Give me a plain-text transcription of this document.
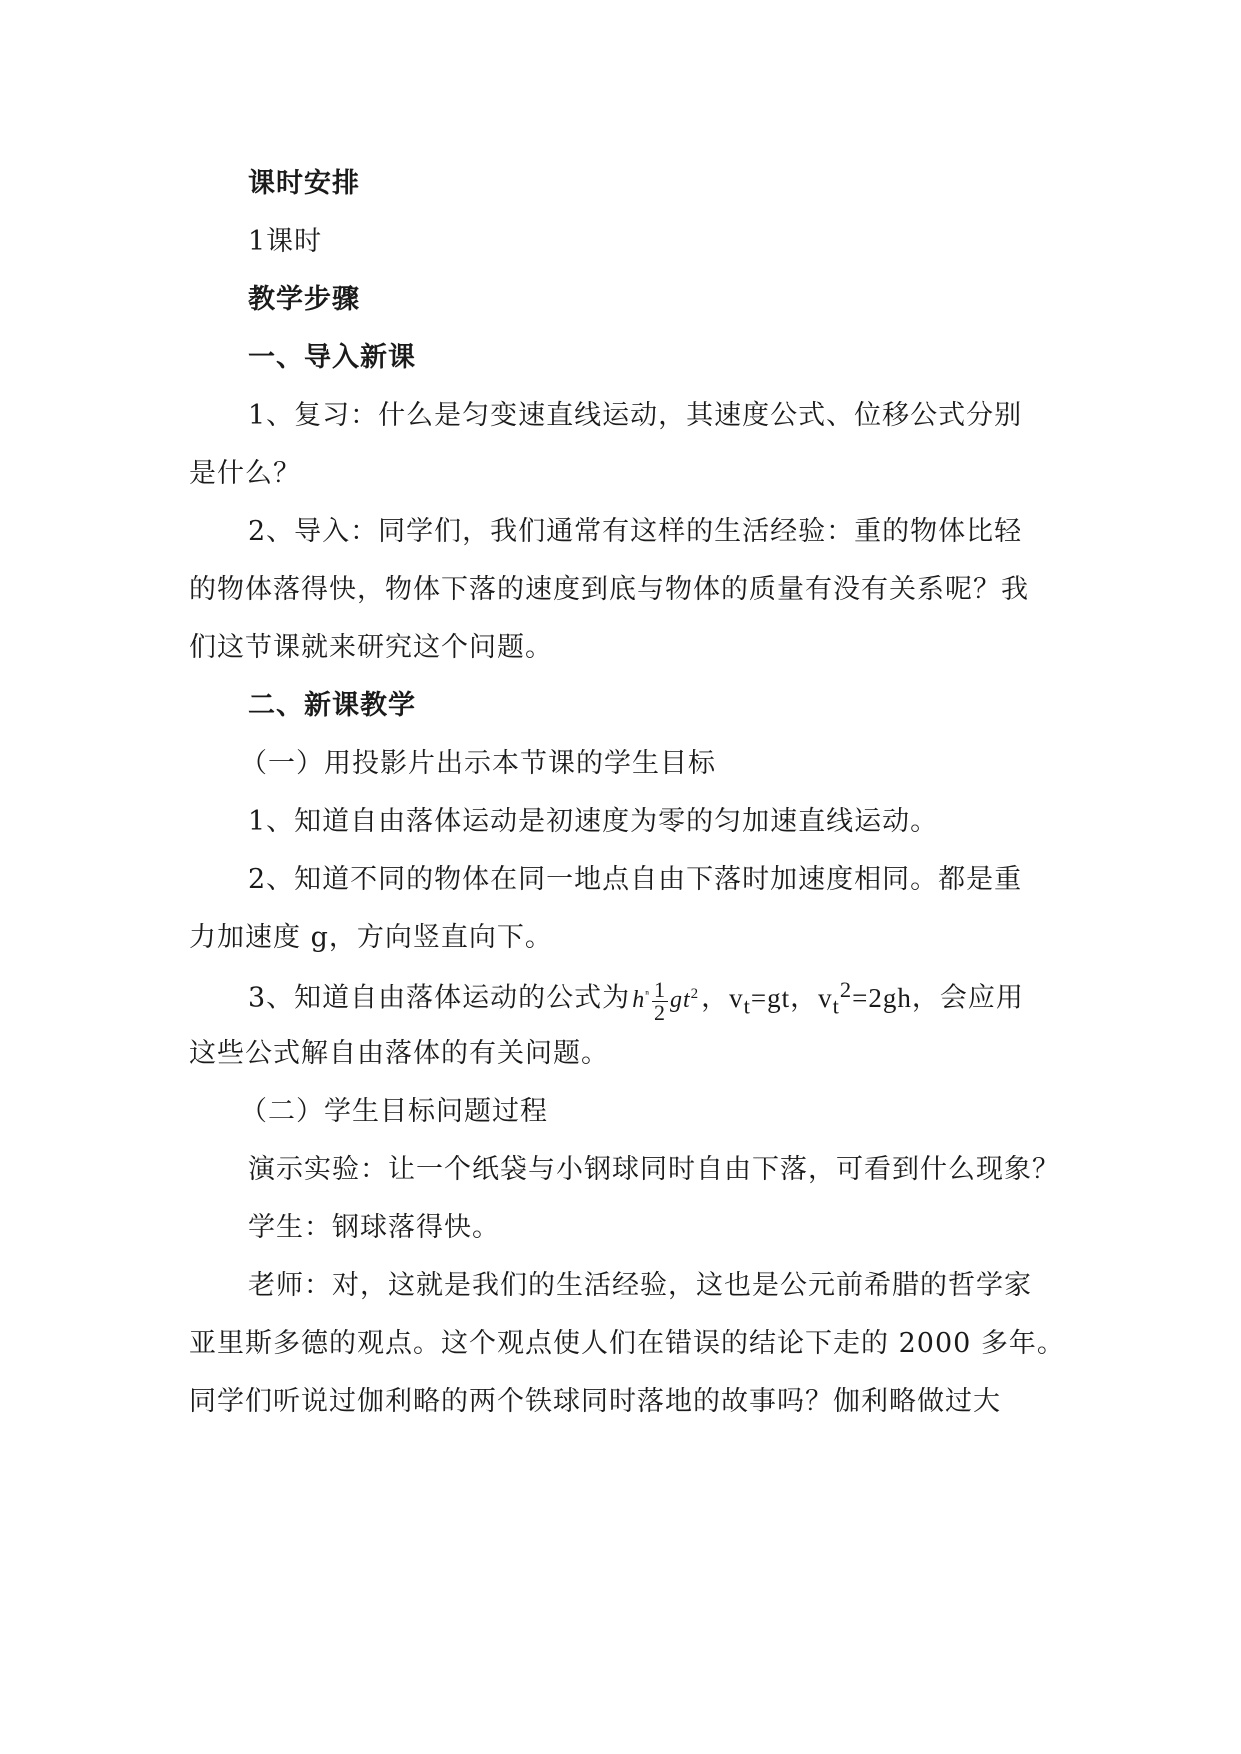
课时安排
1课时
教学步骤
一、导入新课
1、复习：什么是匀变速直线运动，其速度公式、位移公式分别
是什么？
2、导入：同学们，我们通常有这样的生活经验：重的物体比轻
的物体落得快，物体下落的速度到底与物体的质量有没有关系呢？我
们这节课就来研究这个问题。
二、新课教学
（一）用投影片出示本节课的学生目标
1、知道自由落体运动是初速度为零的匀加速直线运动。
2、知道不同的物体在同一地点自由下落时加速度相同。都是重
力加速度 g，方向竖直向下。
3、知道自由落体运动的公式为$h^{^n} \frac{1}{2} gt^2$，$v_t=gt$，$v_t^2=2gh$，会应用
这些公式解自由落体的有关问题。
（二）学生目标问题过程
演示实验：让一个纸袋与小钢球同时自由下落，可看到什么现象？
学生：钢球落得快。
老师：对，这就是我们的生活经验，这也是公元前希腊的哲学家
亚里斯多德的观点。这个观点使人们在错误的结论下走的 2000 多年。
同学们听说过伽利略的两个铁球同时落地的故事吗？伽利略做过大
